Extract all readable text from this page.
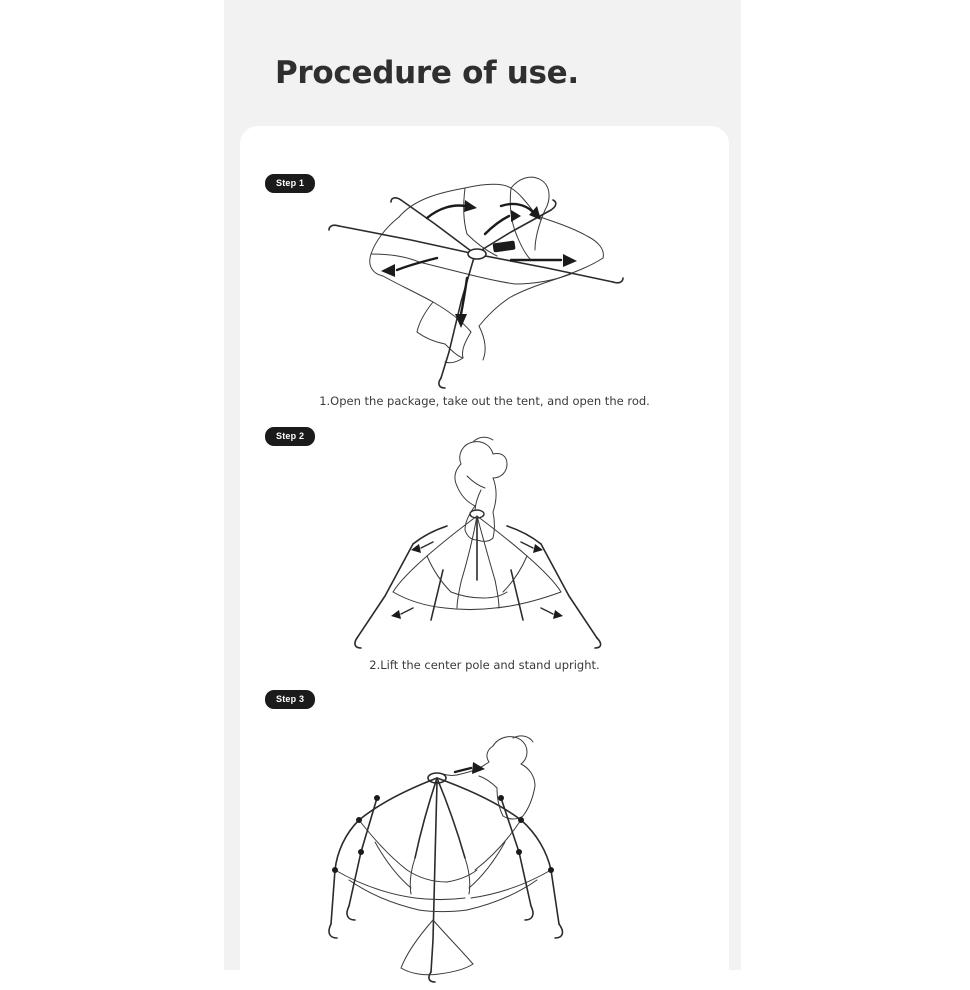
Procedure of use.
Step 1
1.Open the package, take out the tent, and open the rod.
Step 2
2.Lift the center pole and stand upright.
Step 3
